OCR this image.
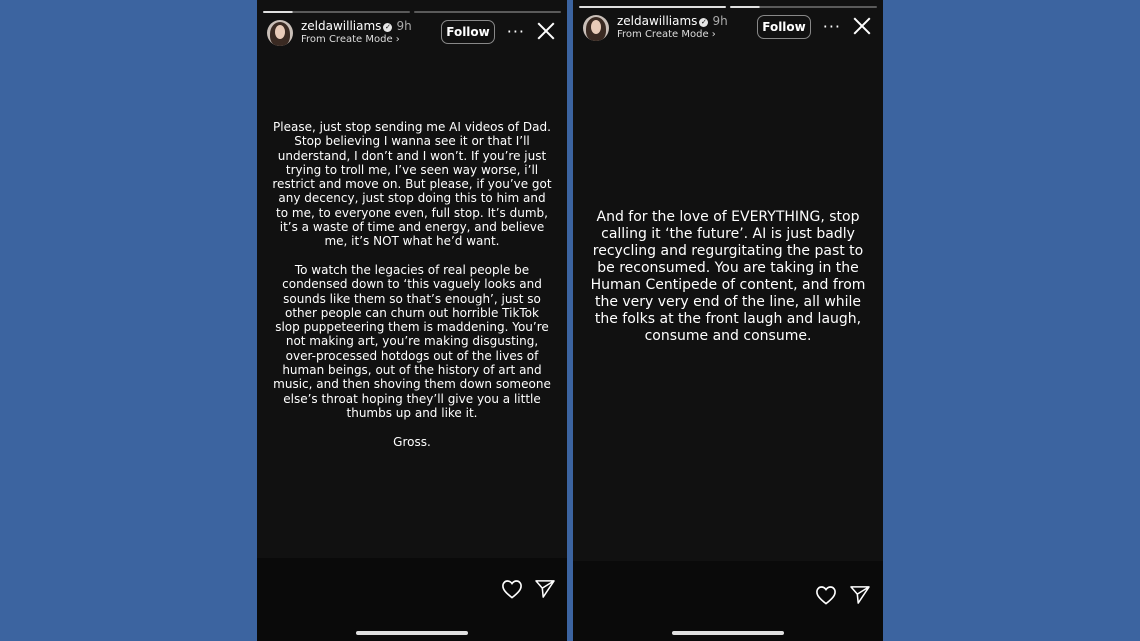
zeldawilliams ✓ 9h
From Create Mode ›
Follow	···
Please, just stop sending me AI videos of Dad. Stop believing I wanna see it or that I’ll understand, I don’t and I won’t. If you’re just trying to troll me, I’ve seen way worse, i’ll restrict and move on. But please, if you’ve got any decency, just stop doing this to him and to me, to everyone even, full stop. It’s dumb, it’s a waste of time and energy, and believe me, it’s NOT what he’d want.

To watch the legacies of real people be condensed down to ‘this vaguely looks and sounds like them so that’s enough’, just so other people can churn out horrible TikTok slop puppeteering them is maddening. You’re not making art, you’re making disgusting, over-processed hotdogs out of the lives of human beings, out of the history of art and music, and then shoving them down someone else’s throat hoping they’ll give you a little thumbs up and like it.

Gross.
zeldawilliams ✓ 9h
From Create Mode ›
Follow	···
And for the love of EVERYTHING, stop calling it ‘the future’. AI is just badly recycling and regurgitating the past to be reconsumed. You are taking in the Human Centipede of content, and from the very very end of the line, all while the folks at the front laugh and laugh, consume and consume.
